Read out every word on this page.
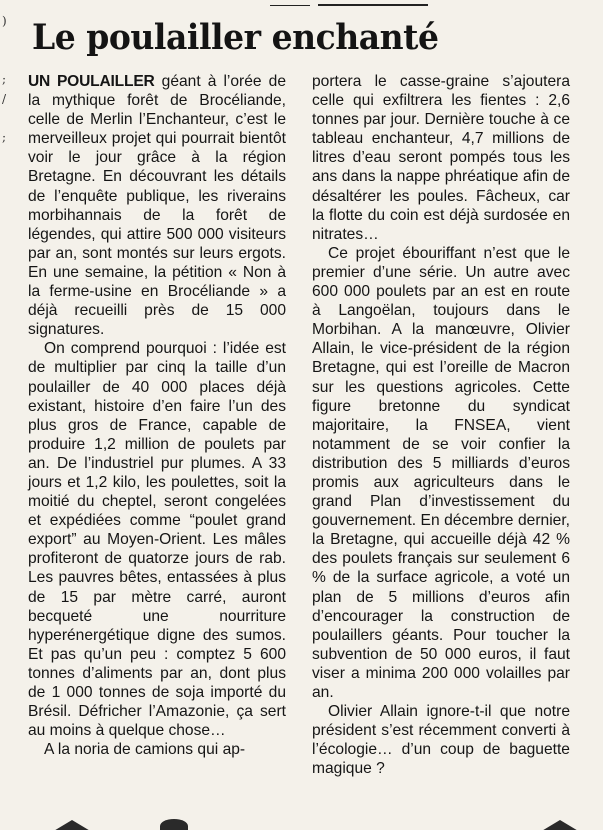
)
;
/
;
Le poulailler enchanté

UN POULAILLER géant à l’orée de la mythique forêt de Brocéliande, celle de Merlin l’Enchanteur, c’est le merveilleux projet qui pourrait bientôt voir le jour grâce à la région Bretagne. En découvrant les détails de l’enquête publique, les riverains morbihannais de la forêt de légendes, qui attire 500 000 visiteurs par an, sont montés sur leurs ergots. En une semaine, la pétition « Non à la ferme-usine en Brocéliande » a déjà recueilli près de 15 000 signatures.

On comprend pourquoi : l’idée est de multiplier par cinq la taille d’un poulailler de 40 000 places déjà existant, histoire d’en faire l’un des plus gros de France, capable de produire 1,2 million de poulets par an. De l’industriel pur plumes. A 33 jours et 1,2 kilo, les poulettes, soit la moitié du cheptel, seront congelées et expédiées comme “poulet grand export” au Moyen-Orient. Les mâles profiteront de quatorze jours de rab. Les pauvres bêtes, entassées à plus de 15 par mètre carré, auront becqueté une nourriture hyperénergétique digne des sumos. Et pas qu’un peu : comptez 5 600 tonnes d’aliments par an, dont plus de 1 000 tonnes de soja importé du Brésil. Défricher l’Amazonie, ça sert au moins à quelque chose…

A la noria de camions qui ap-

portera le casse-graine s’ajoutera celle qui exfiltrera les fientes : 2,6 tonnes par jour. Dernière touche à ce tableau enchanteur, 4,7 millions de litres d’eau seront pompés tous les ans dans la nappe phréatique afin de désaltérer les poules. Fâcheux, car la flotte du coin est déjà surdosée en nitrates…

Ce projet ébouriffant n’est que le premier d’une série. Un autre avec 600 000 poulets par an est en route à Langoëlan, toujours dans le Morbihan. A la manœuvre, Olivier Allain, le vice-président de la région Bretagne, qui est l’oreille de Macron sur les questions agricoles. Cette figure bretonne du syndicat majoritaire, la FNSEA, vient notamment de se voir confier la distribution des 5 milliards d’euros promis aux agriculteurs dans le grand Plan d’investissement du gouvernement. En décembre dernier, la Bretagne, qui accueille déjà 42 % des poulets français sur seulement 6 % de la surface agricole, a voté un plan de 5 millions d’euros afin d’encourager la construction de poulaillers géants. Pour toucher la subvention de 50 000 euros, il faut viser a minima 200 000 volailles par an.

Olivier Allain ignore-t-il que notre président s’est récemment converti à l’écologie… d’un coup de baguette magique ?
